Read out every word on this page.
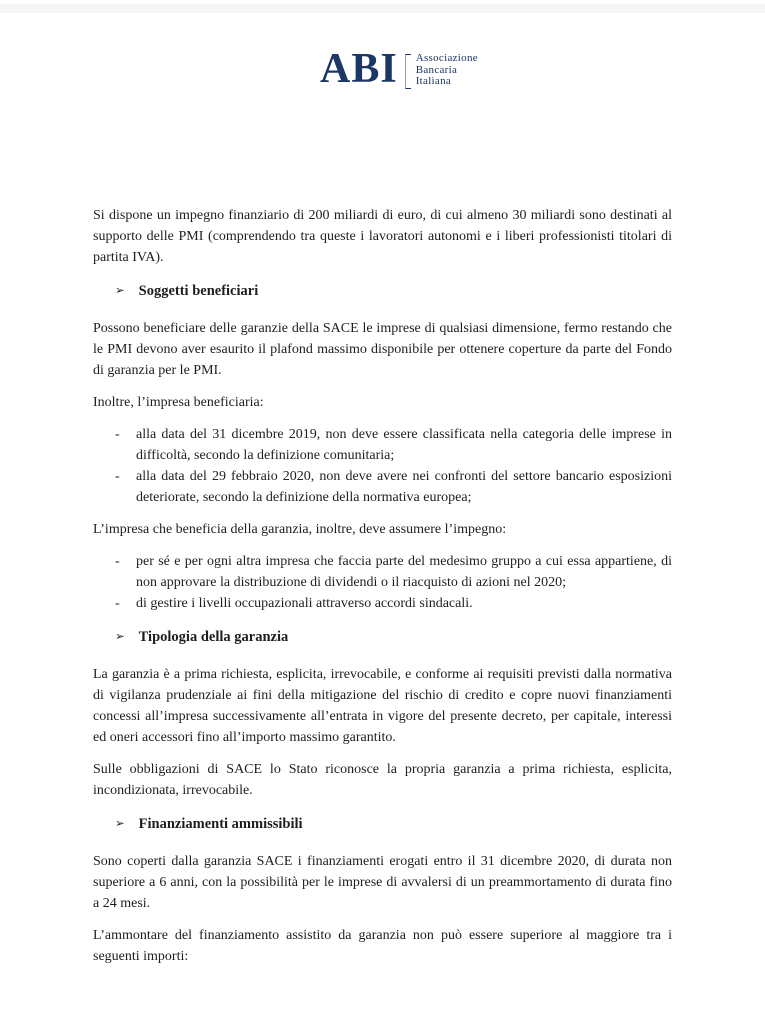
ABI Associazione
Bancaria
Italiana

Si dispone un impegno finanziario di 200 miliardi di euro, di cui almeno 30 miliardi sono destinati al supporto delle PMI (comprendendo tra queste i lavoratori autonomi e i liberi professionisti titolari di partita IVA).

➢ Soggetti beneficiari

Possono beneficiare delle garanzie della SACE le imprese di qualsiasi dimensione, fermo restando che le PMI devono aver esaurito il plafond massimo disponibile per ottenere coperture da parte del Fondo di garanzia per le PMI.

Inoltre, l’impresa beneficiaria:

- alla data del 31 dicembre 2019, non deve essere classificata nella categoria delle imprese in difficoltà, secondo la definizione comunitaria;
- alla data del 29 febbraio 2020, non deve avere nei confronti del settore bancario esposizioni deteriorate, secondo la definizione della normativa europea;

L’impresa che beneficia della garanzia, inoltre, deve assumere l’impegno:

- per sé e per ogni altra impresa che faccia parte del medesimo gruppo a cui essa appartiene, di non approvare la distribuzione di dividendi o il riacquisto di azioni nel 2020;
- di gestire i livelli occupazionali attraverso accordi sindacali.
➢ Tipologia della garanzia

La garanzia è a prima richiesta, esplicita, irrevocabile, e conforme ai requisiti previsti dalla normativa di vigilanza prudenziale ai fini della mitigazione del rischio di credito e copre nuovi finanziamenti concessi all’impresa successivamente all’entrata in vigore del presente decreto, per capitale, interessi ed oneri accessori fino all’importo massimo garantito.

Sulle obbligazioni di SACE lo Stato riconosce la propria garanzia a prima richiesta, esplicita, incondizionata, irrevocabile.

➢ Finanziamenti ammissibili

Sono coperti dalla garanzia SACE i finanziamenti erogati entro il 31 dicembre 2020, di durata non superiore a 6 anni, con la possibilità per le imprese di avvalersi di un preammortamento di durata fino a 24 mesi.

L’ammontare del finanziamento assistito da garanzia non può essere superiore al maggiore tra i seguenti importi:
